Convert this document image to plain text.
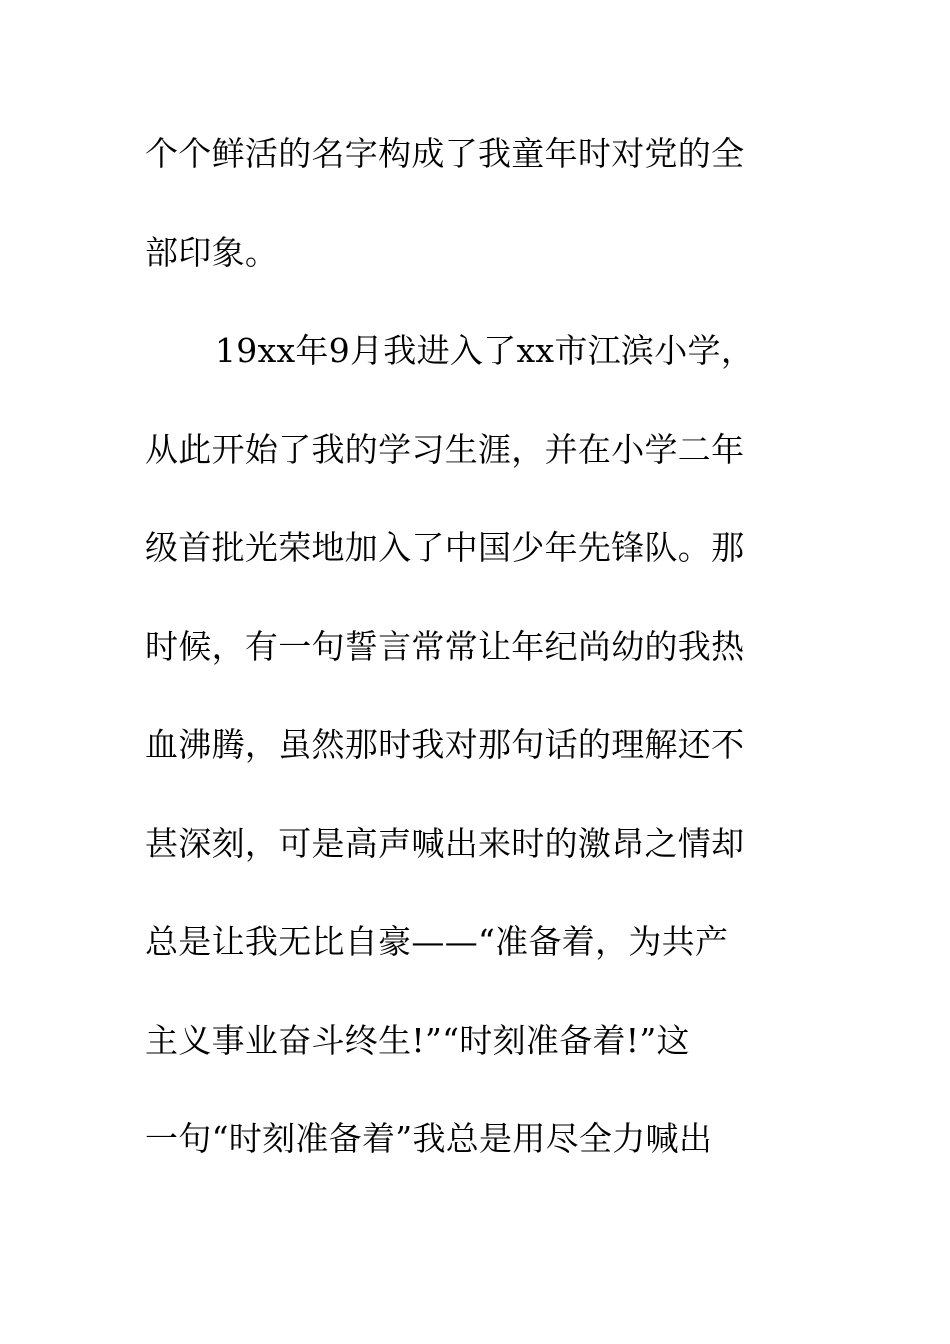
个个鲜活的名字构成了我童年时对党的全
部印象。
19xx年9月我进入了xx市江滨小学，
从此开始了我的学习生涯，并在小学二年
级首批光荣地加入了中国少年先锋队。那
时候，有一句誓言常常让年纪尚幼的我热
血沸腾，虽然那时我对那句话的理解还不
甚深刻，可是高声喊出来时的激昂之情却
总是让我无比自豪——“准备着，为共产
主义事业奋斗终生!”“时刻准备着!”这
一句“时刻准备着”我总是用尽全力喊出
